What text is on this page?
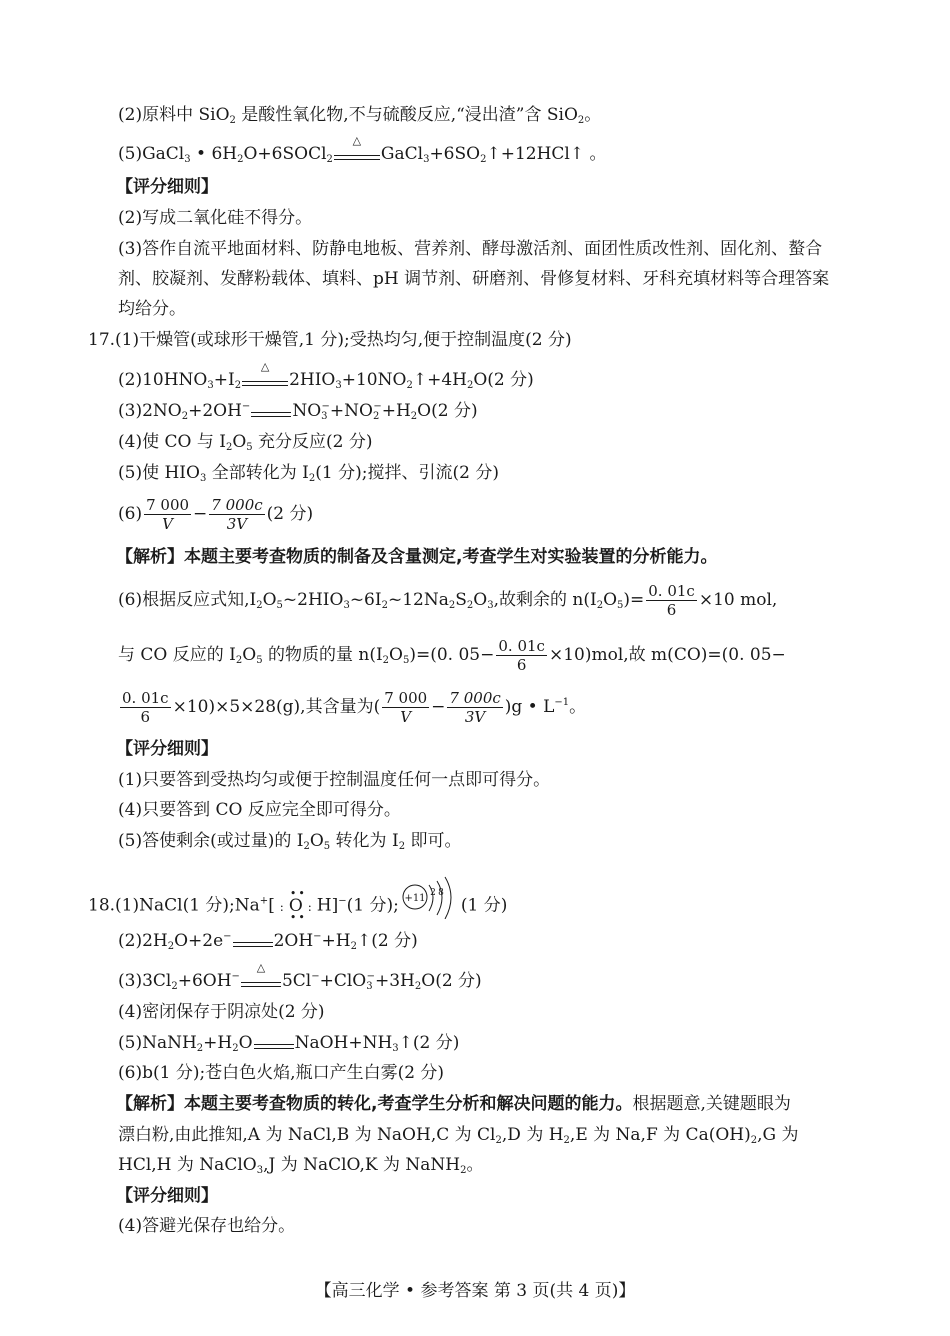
(2)原料中 SiO$_2$ 是酸性氧化物,不与硫酸反应,“浸出渣”含 SiO$_2$。
(5)GaCl$_3$ • $6H_2O+6SOCl_2$
△
$GaCl_3+6SO_2↑+12HCl↑$ 。
【评分细则】
(2)写成二氧化硅不得分。
(3)答作自流平地面材料、防静电地板、营养剂、酵母激活剂、面团性质改性剂、固化剂、螯合
剂、胶凝剂、发酵粉载体、填料、pH 调节剂、研磨剂、骨修复材料、牙科充填材料等合理答案
均给分。
17.(1)干燥管(或球形干燥管,1 分);受热均匀,便于控制温度(2 分)
$(2)10HNO_3+I_2$
△
$2HIO_3+10NO_2↑+4H_2O(2$ 分)
$(3)2NO_2+2OH^-$ $NO_3^-+NO_2^-+H_2O(2$ 分)
(4)使 CO 与 $I_2O_5$ 充分反应(2 分)
(5)使 $HIO_3$ 全部转化为 $I_2(1$ 分);搅拌、引流(2 分)
$(6) \frac{7 000}{V} - \frac{7 000c}{3V} (2$ 分)
【解析】本题主要考查物质的制备及含量测定,考查学生对实验装置的分析能力。
(6)根据反应式知$,I_2O_5\sim 2HIO_3\sim 6I_2\sim 12Na_2S_2O_3$,故剩余的 $n(I_2O_5)= \frac{0. 01c}{6} \times 10$ mol,
与 CO 反应的 $I_2O_5$ 的物质的量 $n(I_2O_5)=(0$. $05- \frac{0. 01c}{6} \times 10)mol$,故 m(CO)=(0. 05−
$\frac{0. 01c}{6} \times 10)\times 5\times 28(g)$,其含量为( $\frac{7 000}{V} - \frac{7 000c}{3V} )g$ • $L^{-1}$。
【评分细则】
(1)只要答到受热均匀或便于控制温度任何一点即可得分。
(4)只要答到 CO 反应完全即可得分。
(5)答使剩余(或过量)的 $I_2O_5$ 转化为 $I_2$ 即可。
18.(1)NaCl(1 分);Na+[ :
••
O
••
: H]−(1 分); +11 2 8
(1 分)
$(2)2H_2O+2e^-$ $2OH^-+H_2↑(2$ 分)
$(3)3Cl_2+6OH^-$
△
$5Cl^-+ClO_3^-+3H_2O(2$ 分)
(4)密闭保存于阴凉处(2 分)
$(5)NaNH_2+H_2O$ $NaOH+NH_3↑(2$ 分)
(6)b(1 分);苍白色火焰,瓶口产生白雾(2 分)
【解析】本题主要考查物质的转化,考查学生分析和解决问题的能力。根据题意,关键题眼为
漂白粉,由此推知,A 为 NaCl,B 为 NaOH,C 为 $Cl_2,D$ 为 $H_2,E$ 为 Na,F 为 $Ca(OH)_2,G$ 为
HCl,H 为 NaClO$_3$,J 为 NaClO,K 为 NaNH$_2$。
【评分细则】
(4)答避光保存也给分。
【高三化学 • 参考答案 第 3 页(共 4 页)】
